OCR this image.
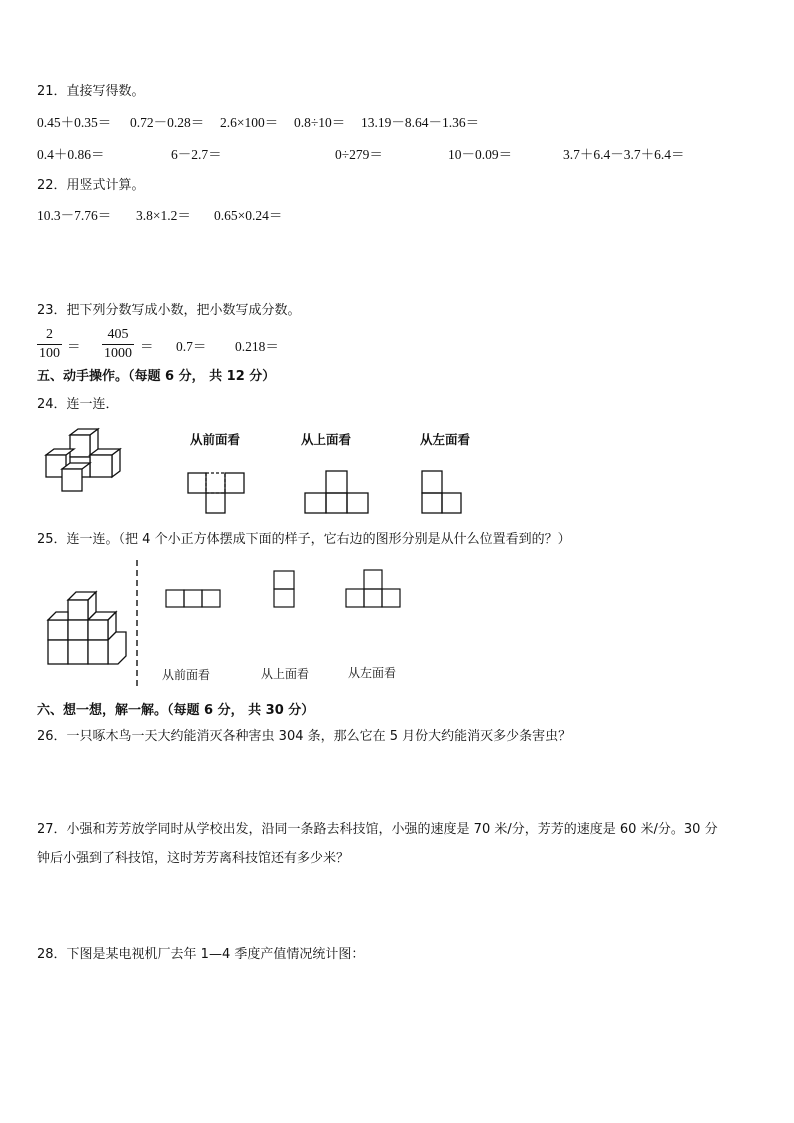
21．直接写得数。
0.45＋0.35＝ 0.72－0.28＝ 2.6×100＝ 0.8÷10＝ 13.19－8.64－1.36＝
0.4＋0.86＝	6－2.7＝	0÷279＝	10－0.09＝	3.7＋6.4－3.7＋6.4＝
22．用竖式计算。
10.3－7.76＝ 3.8×1.2＝ 0.65×0.24＝
23．把下列分数写成小数，把小数写成分数。
2
100 ＝
405
1000 ＝ 0.7＝ 0.218＝
五、动手操作。（每题 6 分， 共 12 分）
24．连一连．
从前面看	从上面看	从左面看
25．连一连。（把 4 个小正方体摆成下面的样子，它右边的图形分别是从什么位置看到的？）
从前面看	从上面看	从左面看
六、想一想，解一解。（每题 6 分， 共 30 分）
26．一只啄木鸟一天大约能消灭各种害虫 304 条，那么它在 5 月份大约能消灭多少条害虫？
27．小强和芳芳放学同时从学校出发，沿同一条路去科技馆，小强的速度是 70 米/分，芳芳的速度是 60 米/分。30 分
钟后小强到了科技馆，这时芳芳离科技馆还有多少米？
28．下图是某电视机厂去年 1—4 季度产值情况统计图：
